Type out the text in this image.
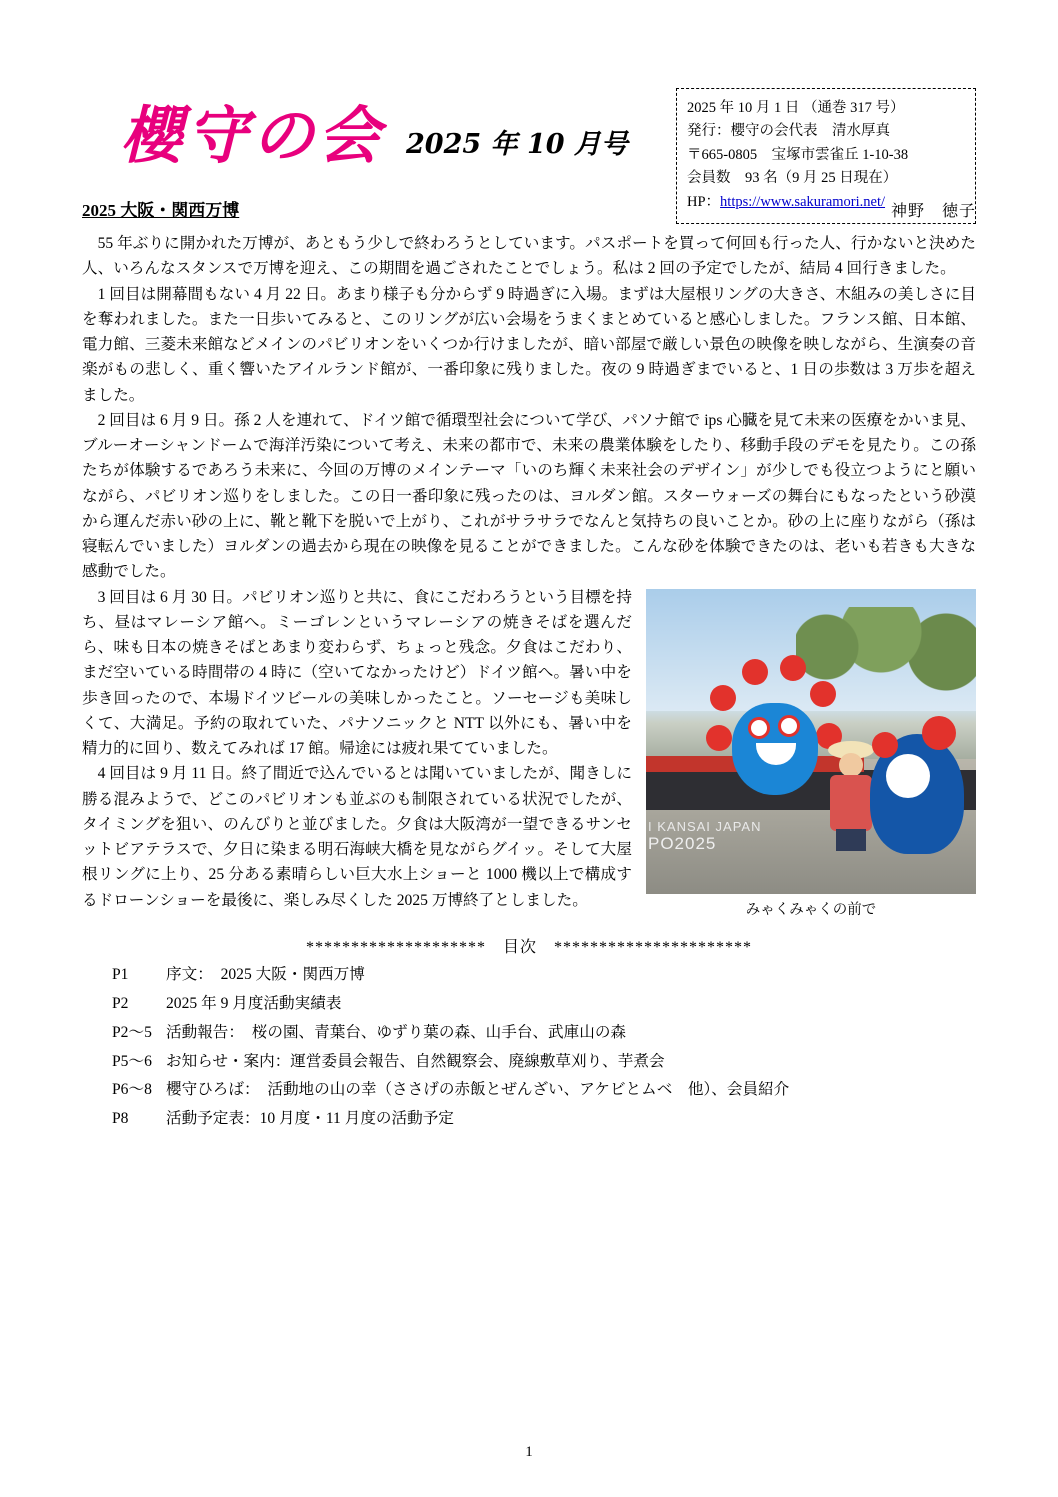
櫻守の会 2025 年 10 月号
2025 年 10 月 1 日 （通巻 317 号）
発行：櫻守の会代表　清水厚真
〒665-0805　宝塚市雲雀丘 1-10-38
会員数　93 名（9 月 25 日現在）
HP：https://www.sakuramori.net/
2025 大阪・関西万博	神野　徳子

55 年ぶりに開かれた万博が、あともう少しで終わろうとしています。パスポートを買って何回も行った人、行かないと決めた人、いろんなスタンスで万博を迎え、この期間を過ごされたことでしょう。私は 2 回の予定でしたが、結局 4 回行きました。

1 回目は開幕間もない 4 月 22 日。あまり様子も分からず 9 時過ぎに入場。まずは大屋根リングの大きさ、木組みの美しさに目を奪われました。また一日歩いてみると、このリングが広い会場をうまくまとめていると感心しました。フランス館、日本館、電力館、三菱未来館などメインのパビリオンをいくつか行けましたが、暗い部屋で厳しい景色の映像を映しながら、生演奏の音楽がもの悲しく、重く響いたアイルランド館が、一番印象に残りました。夜の 9 時過ぎまでいると、1 日の歩数は 3 万歩を超えました。

2 回目は 6 月 9 日。孫 2 人を連れて、ドイツ館で循環型社会について学び、パソナ館で ips 心臓を見て未来の医療をかいま見、ブルーオーシャンドームで海洋汚染について考え、未来の都市で、未来の農業体験をしたり、移動手段のデモを見たり。この孫たちが体験するであろう未来に、今回の万博のメインテーマ「いのち輝く未来社会のデザイン」が少しでも役立つようにと願いながら、パビリオン巡りをしました。この日一番印象に残ったのは、ヨルダン館。スターウォーズの舞台にもなったという砂漠から運んだ赤い砂の上に、靴と靴下を脱いで上がり、これがサラサラでなんと気持ちの良いことか。砂の上に座りながら（孫は寝転んでいました）ヨルダンの過去から現在の映像を見ることができました。こんな砂を体験できたのは、老いも若きも大きな感動でした。

I KANSAI JAPAN
PO2025
みゃくみゃくの前で

3 回目は 6 月 30 日。パビリオン巡りと共に、食にこだわろうという目標を持ち、昼はマレーシア館へ。ミーゴレンというマレーシアの焼きそばを選んだら、味も日本の焼きそばとあまり変わらず、ちょっと残念。夕食はこだわり、まだ空いている時間帯の 4 時に（空いてなかったけど）ドイツ館へ。暑い中を歩き回ったので、本場ドイツビールの美味しかったこと。ソーセージも美味しくて、大満足。予約の取れていた、パナソニックと NTT 以外にも、暑い中を精力的に回り、数えてみれば 17 館。帰途には疲れ果てていました。

4 回目は 9 月 11 日。終了間近で込んでいるとは聞いていましたが、聞きしに勝る混みようで、どこのパビリオンも並ぶのも制限されている状況でしたが、タイミングを狙い、のんびりと並びました。夕食は大阪湾が一望できるサンセットビアテラスで、夕日に染まる明石海峡大橋を見ながらグイッ。そして大屋根リングに上り、25 分ある素晴らしい巨大水上ショーと 1000 機以上で構成するドローンショーを最後に、楽しみ尽くした 2025 万博終了としました。

********************　目次　**********************
P1	序文：　2025 大阪・関西万博
P2	2025 年 9 月度活動実績表
P2～5 活動報告：　桜の園、青葉台、ゆずり葉の森、山手台、武庫山の森
P5～6 お知らせ・案内：運営委員会報告、自然観察会、廃線敷草刈り、芋煮会
P6～8 櫻守ひろば：　活動地の山の幸（ささげの赤飯とぜんざい、アケビとムベ　他）、会員紹介
P8	活動予定表：10 月度・11 月度の活動予定
1
